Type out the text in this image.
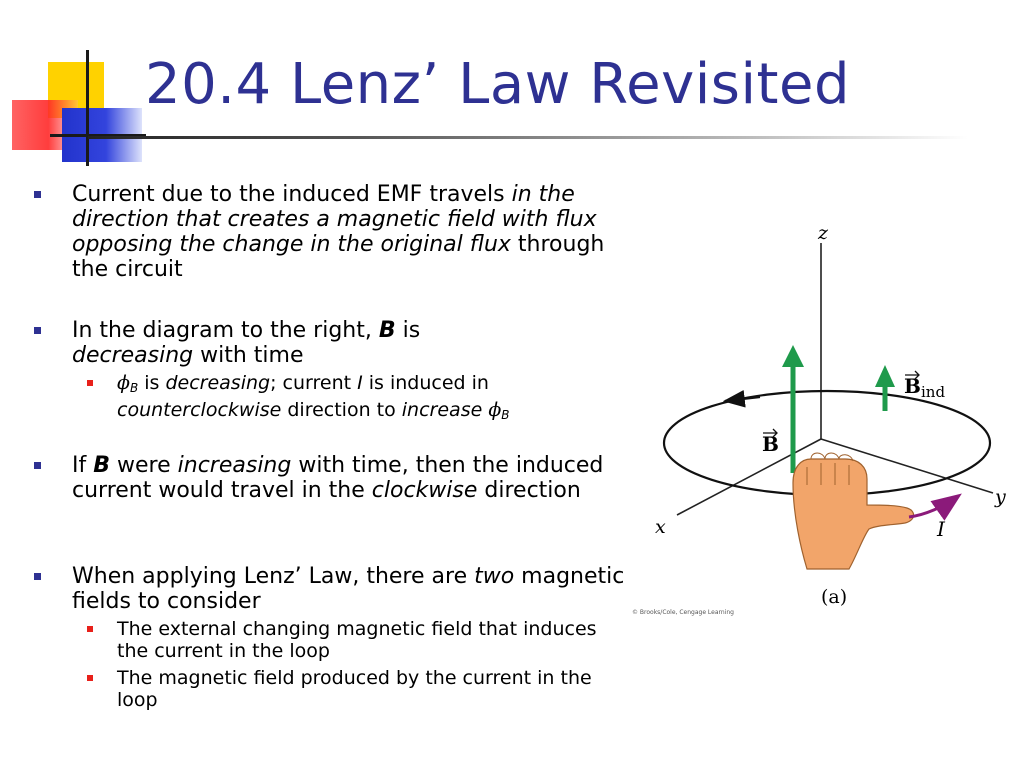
20.4 Lenz’ Law Revisited
Current due to the induced EMF travels in the direction that creates a magnetic field with flux opposing the change in the original flux through the circuit
In the diagram to the right, B is
decreasing with time
$\phi_B$ is decreasing; current I is induced in
counterclockwise direction to increase $\phi_B$
If B were increasing with time, then the induced current would travel in the clockwise direction
When applying Lenz’ Law, there are two magnetic fields to consider
The external changing magnetic field that induces the current in the loop
The magnetic field produced by the current in the loop
z
y
x
B
B ind
I
(a)
© Brooks/Cole, Cengage Learning
